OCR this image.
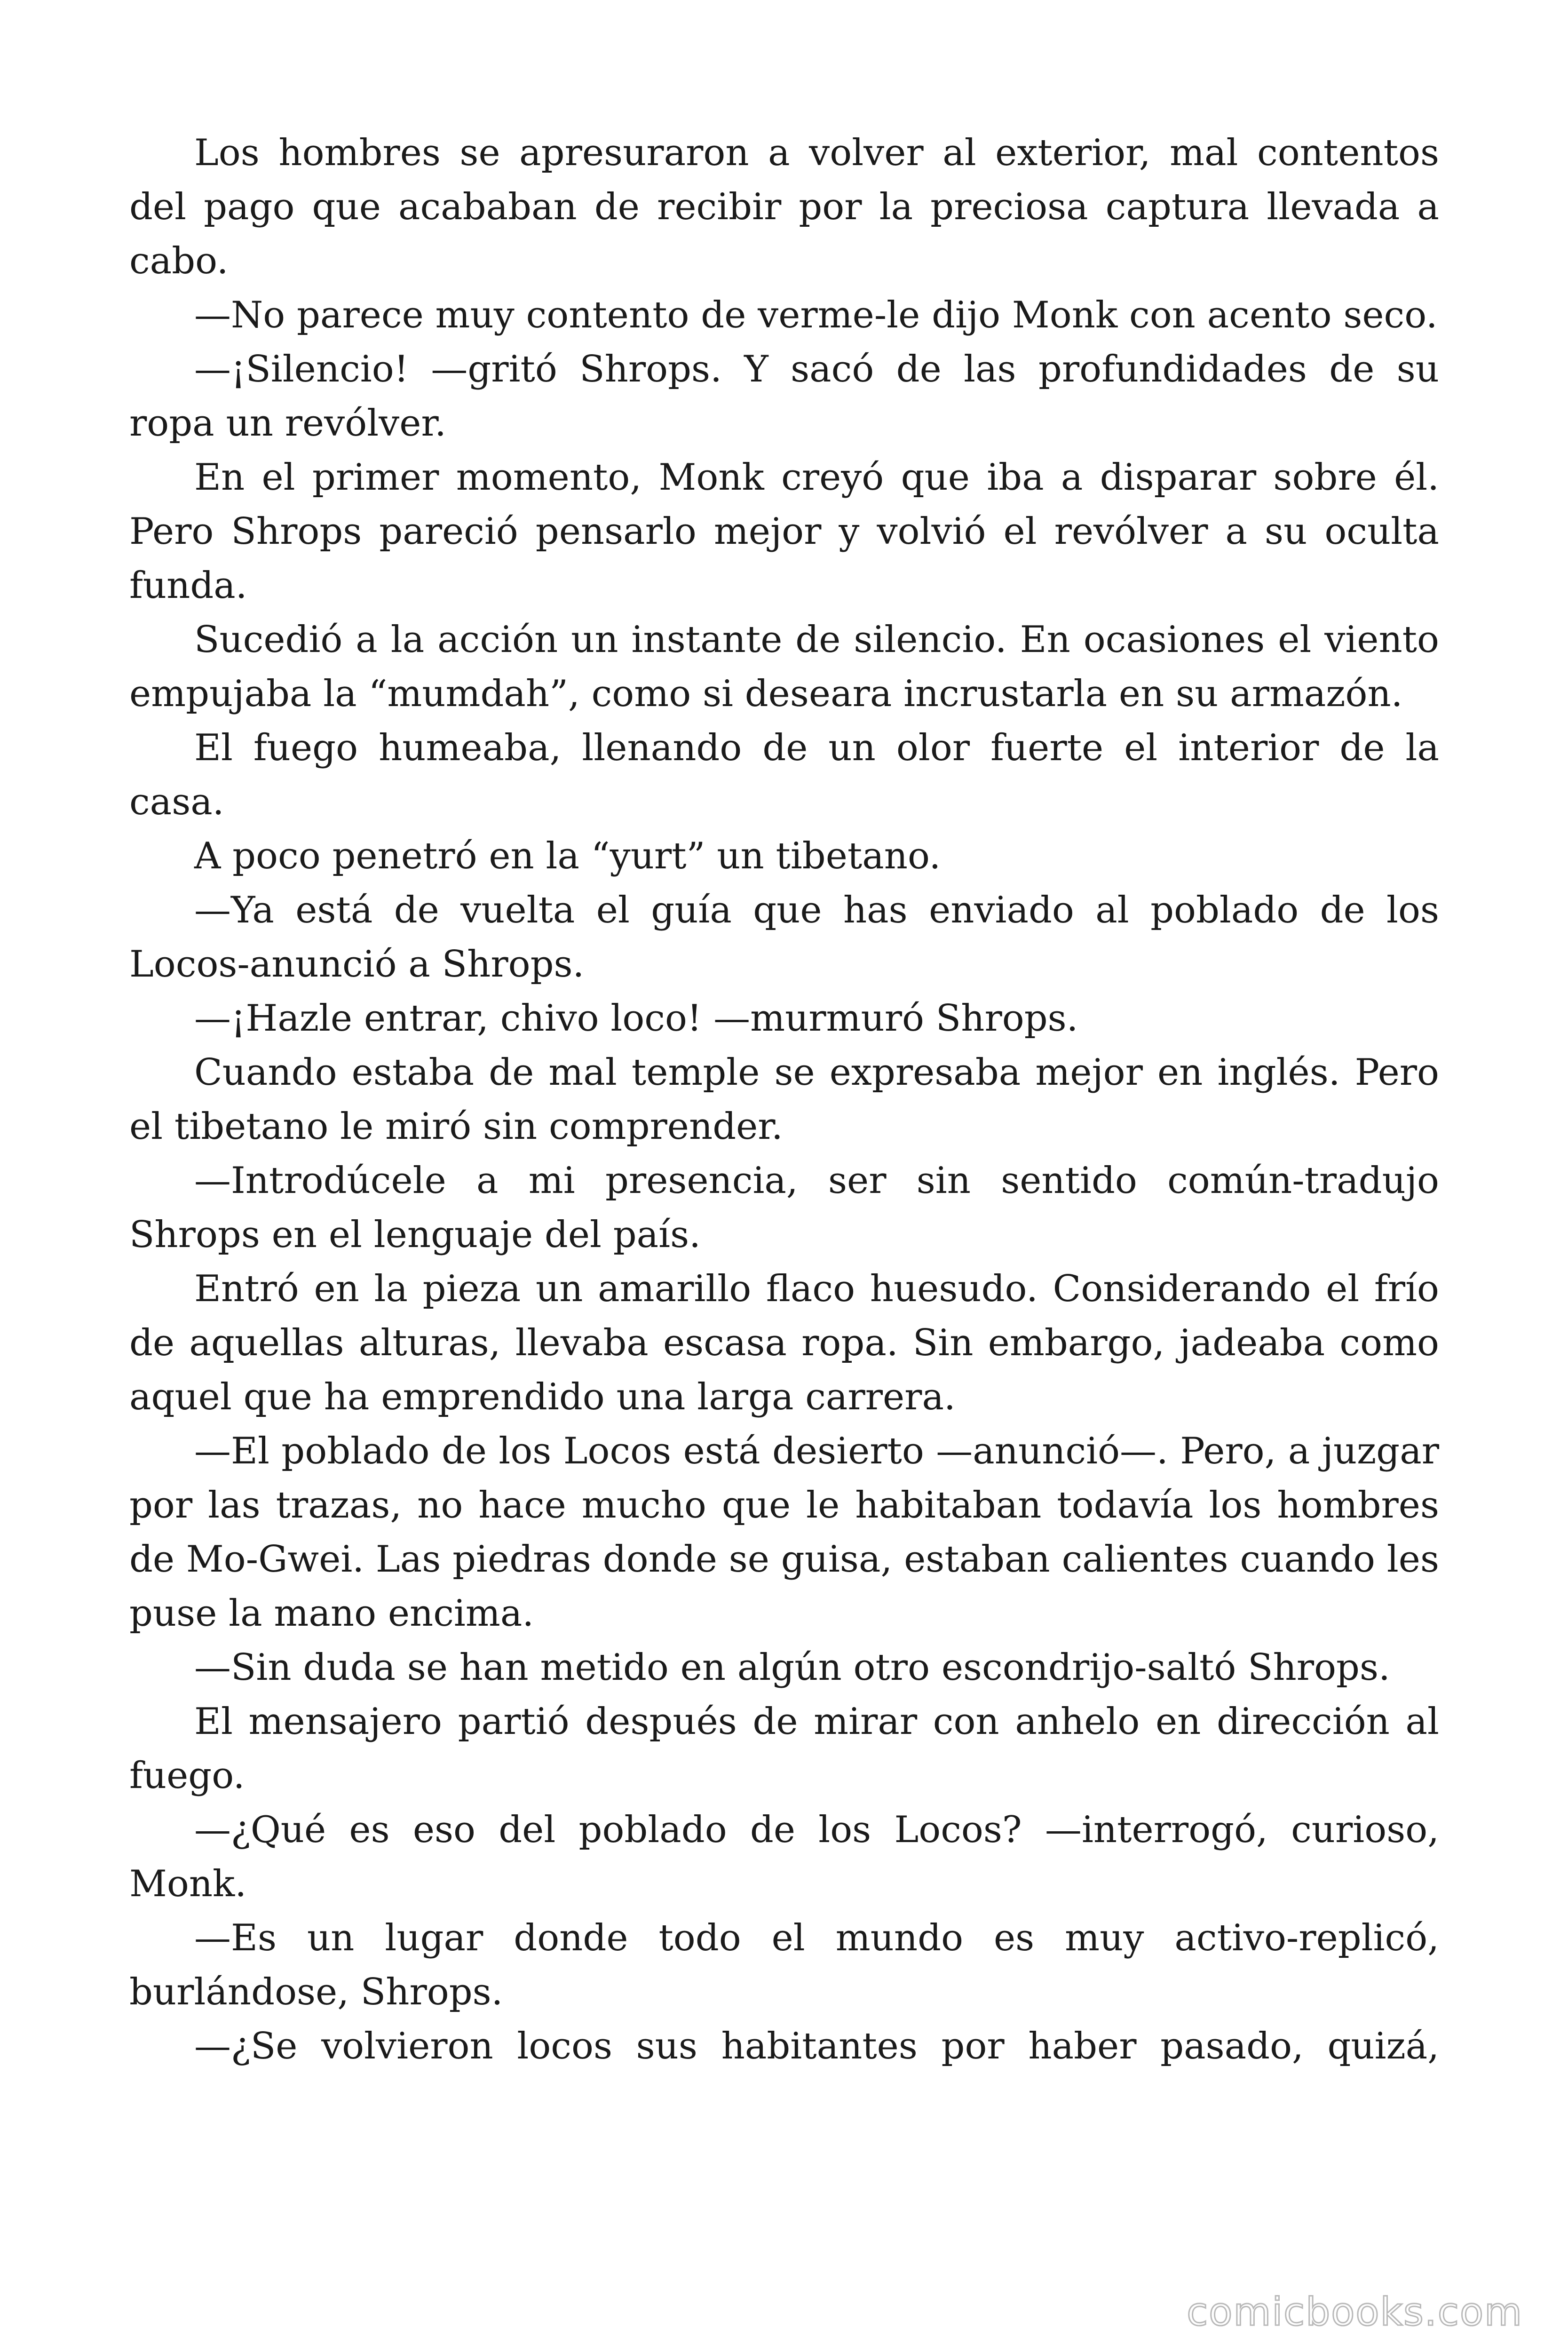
Los hombres se apresuraron a volver al exterior, mal contentos del pago que acababan de recibir por la preciosa captura llevada a cabo.

—No parece muy contento de verme-le dijo Monk con acento seco.

—¡Silencio! —gritó Shrops. Y sacó de las profundidades de su ropa un revólver.

En el primer momento, Monk creyó que iba a disparar sobre él. Pero Shrops pareció pensarlo mejor y volvió el revólver a su oculta funda.

Sucedió a la acción un instante de silencio. En ocasiones el viento empujaba la “mumdah”, como si deseara incrustarla en su armazón.

El fuego humeaba, llenando de un olor fuerte el interior de la casa.

A poco penetró en la “yurt” un tibetano.

—Ya está de vuelta el guía que has enviado al poblado de los Locos-anunció a Shrops.

—¡Hazle entrar, chivo loco! —murmuró Shrops.

Cuando estaba de mal temple se expresaba mejor en inglés. Pero el tibetano le miró sin comprender.

—Introdúcele a mi presencia, ser sin sentido común-tradujo Shrops en el lenguaje del país.

Entró en la pieza un amarillo flaco huesudo. Considerando el frío de aquellas alturas, llevaba escasa ropa. Sin embargo, jadeaba como aquel que ha emprendido una larga carrera.

—El poblado de los Locos está desierto —anunció—. Pero, a juzgar por las trazas, no hace mucho que le habitaban todavía los hombres de Mo-Gwei. Las piedras donde se guisa, estaban calientes cuando les puse la mano encima.

—Sin duda se han metido en algún otro escondrijo-saltó Shrops.

El mensajero partió después de mirar con anhelo en dirección al fuego.

—¿Qué es eso del poblado de los Locos? —interrogó, curioso, Monk.

—Es un lugar donde todo el mundo es muy activo-replicó, burlándose, Shrops.

—¿Se volvieron locos sus habitantes por haber pasado, quizá,

comicbooks.com
